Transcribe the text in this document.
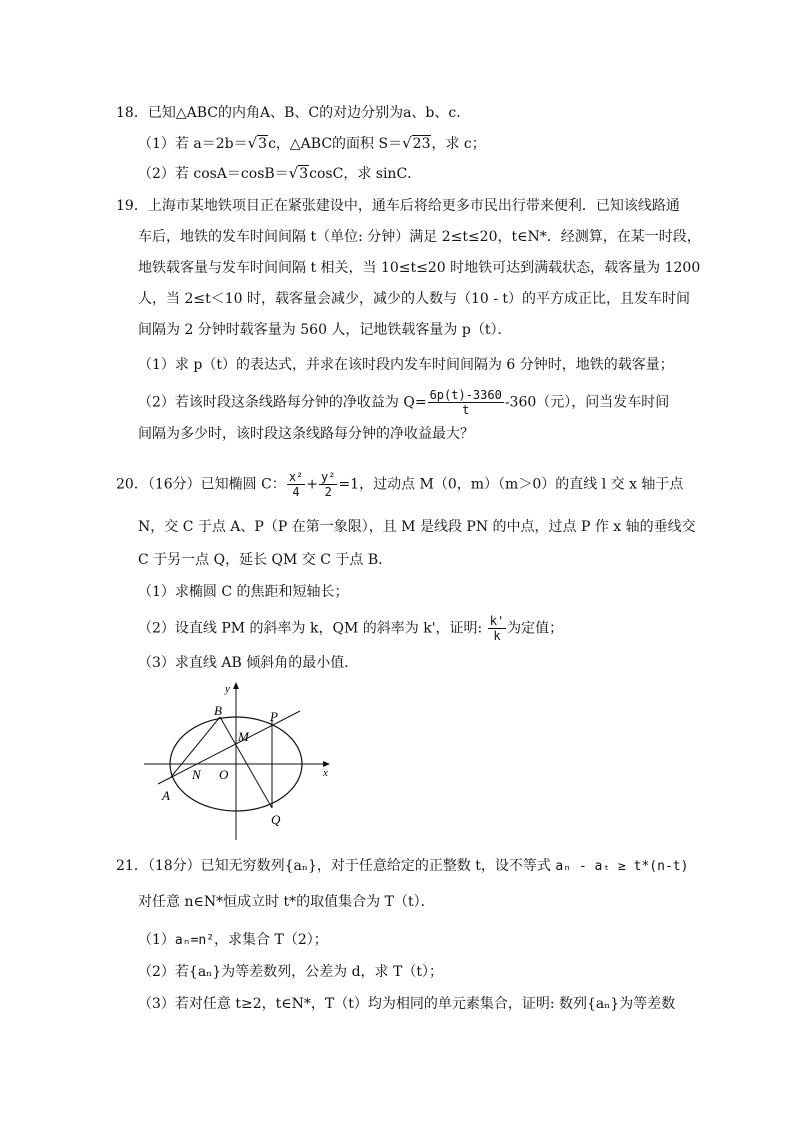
18．已知△ABC的内角A、B、C的对边分别为a、b、c．
（1）若 a＝2b＝√3c，△ABC的面积 S＝√23，求 c；
（2）若 cosA＝cosB＝√3cosC，求 sinC．
19．上海市某地铁项目正在紧张建设中，通车后将给更多市民出行带来便利．已知该线路通
车后，地铁的发车时间间隔 t（单位: 分钟）满足 2≤t≤20，t∈N*．经测算，在某一时段，
地铁载客量与发车时间间隔 t 相关，当 10≤t≤20 时地铁可达到满载状态，载客量为 1200
人，当 2≤t＜10 时，载客量会减少，减少的人数与（10 - t）的平方成正比，且发车时间
间隔为 2 分钟时载客量为 560 人，记地铁载客量为 p（t）．
（1）求 p（t）的表达式，并求在该时段内发车时间间隔为 6 分钟时，地铁的载客量；
（2）若该时段这条线路每分钟的净收益为 $Q= \frac{6p(t)-3360}{t} -360$（元），问当发车时间
间隔为多少时，该时段这条线路每分钟的净收益最大？
20．（16分）已知椭圆 C： $\frac{\text{x²}}{4} + \frac{\text{y²}}{2} =1$，过动点 M（0，m）（m＞0）的直线 l 交 x 轴于点
N，交 C 于点 A、P（P 在第一象限），且 M 是线段 PN 的中点，过点 P 作 x 轴的垂线交
C 于另一点 Q，延长 QM 交 C 于点 B．
（1）求椭圆 C 的焦距和短轴长；
（2）设直线 PM 的斜率为 k，QM 的斜率为 k'，证明: $\frac{k'}{k}$ 为定值；
（3）求直线 AB 倾斜角的最小值．
y
x
B	P
M
N O
A
Q
21．（18分）已知无穷数列{aₙ}，对于任意给定的正整数 t，设不等式 aₙ - aₜ ≥ t*(n-t)
对任意 n∈N*恒成立时 t*的取值集合为 T（t）．
（1）aₙ=n²，求集合 T（2）；
（2）若{aₙ}为等差数列，公差为 d，求 T（t）；
（3）若对任意 t≥2，t∈N*，T（t）均为相同的单元素集合，证明: 数列{aₙ}为等差数
